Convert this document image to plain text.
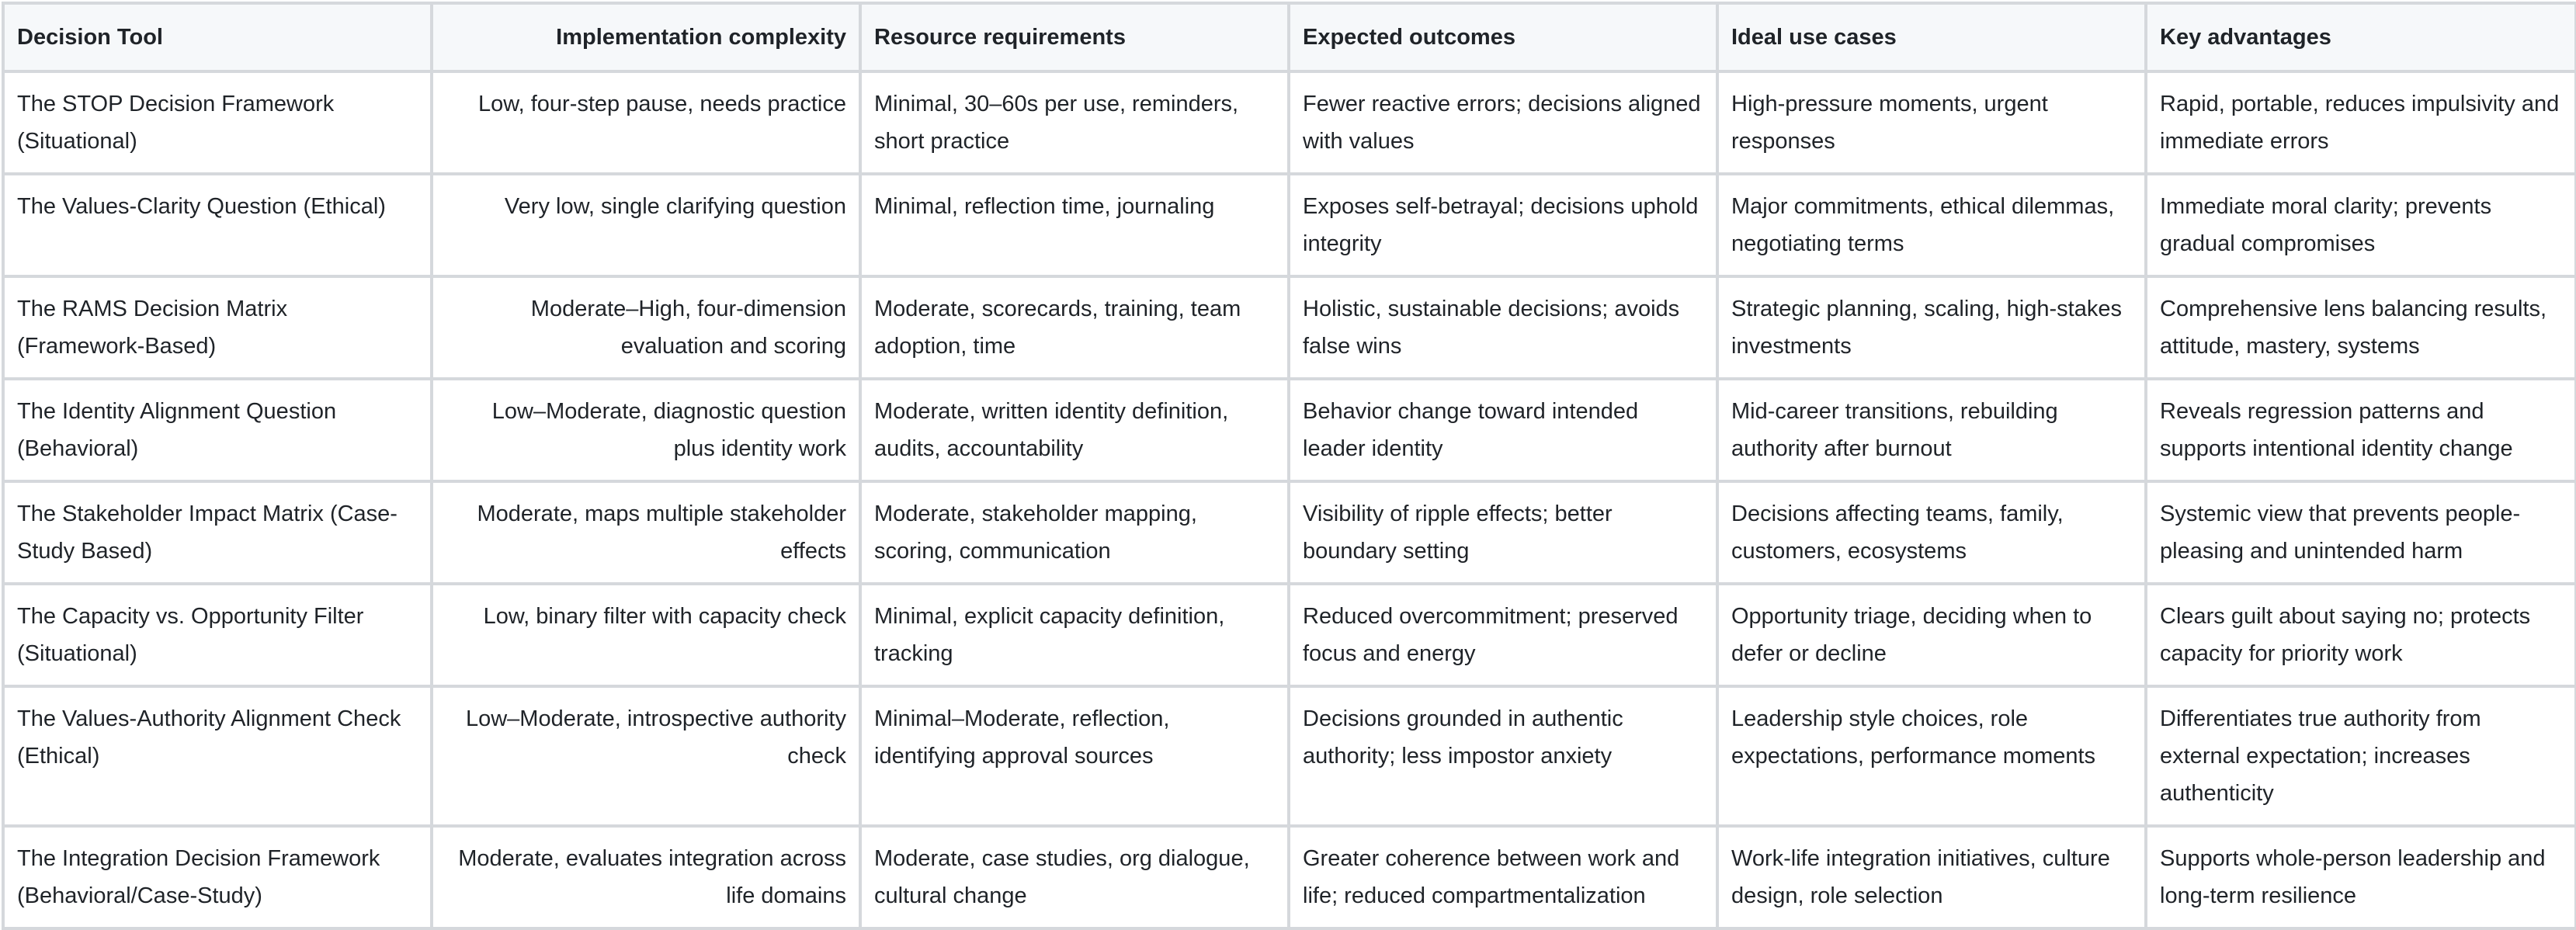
Decision Tool	Implementation complexity	Resource requirements	Expected outcomes	Ideal use cases	Key advantages
The STOP Decision Framework (Situational)	Low, four-step pause, needs practice	Minimal, 30–60s per use, reminders, short practice	Fewer reactive errors; decisions aligned with values	High-pressure moments, urgent responses	Rapid, portable, reduces impulsivity and immediate errors
The Values-Clarity Question (Ethical)	Very low, single clarifying question	Minimal, reflection time, journaling	Exposes self-betrayal; decisions uphold integrity	Major commitments, ethical dilemmas, negotiating terms	Immediate moral clarity; prevents gradual compromises
The RAMS Decision Matrix (Framework-Based)	Moderate–High, four-dimension evaluation and scoring	Moderate, scorecards, training, team adoption, time	Holistic, sustainable decisions; avoids false wins	Strategic planning, scaling, high-stakes investments	Comprehensive lens balancing results, attitude, mastery, systems
The Identity Alignment Question (Behavioral)	Low–Moderate, diagnostic question plus identity work	Moderate, written identity definition, audits, accountability	Behavior change toward intended leader identity	Mid-career transitions, rebuilding authority after burnout	Reveals regression patterns and supports intentional identity change
The Stakeholder Impact Matrix (Case-Study Based)	Moderate, maps multiple stakeholder effects	Moderate, stakeholder mapping, scoring, communication	Visibility of ripple effects; better boundary setting	Decisions affecting teams, family, customers, ecosystems	Systemic view that prevents people-pleasing and unintended harm
The Capacity vs. Opportunity Filter (Situational)	Low, binary filter with capacity check	Minimal, explicit capacity definition, tracking	Reduced overcommitment; preserved focus and energy	Opportunity triage, deciding when to defer or decline	Clears guilt about saying no; protects capacity for priority work
The Values-Authority Alignment Check (Ethical)	Low–Moderate, introspective authority check	Minimal–Moderate, reflection, identifying approval sources	Decisions grounded in authentic authority; less impostor anxiety	Leadership style choices, role expectations, performance moments	Differentiates true authority from external expectation; increases authenticity
The Integration Decision Framework (Behavioral/Case-Study)	Moderate, evaluates integration across life domains	Moderate, case studies, org dialogue, cultural change	Greater coherence between work and life; reduced compartmentalization	Work-life integration initiatives, culture design, role selection	Supports whole-person leadership and long-term resilience
